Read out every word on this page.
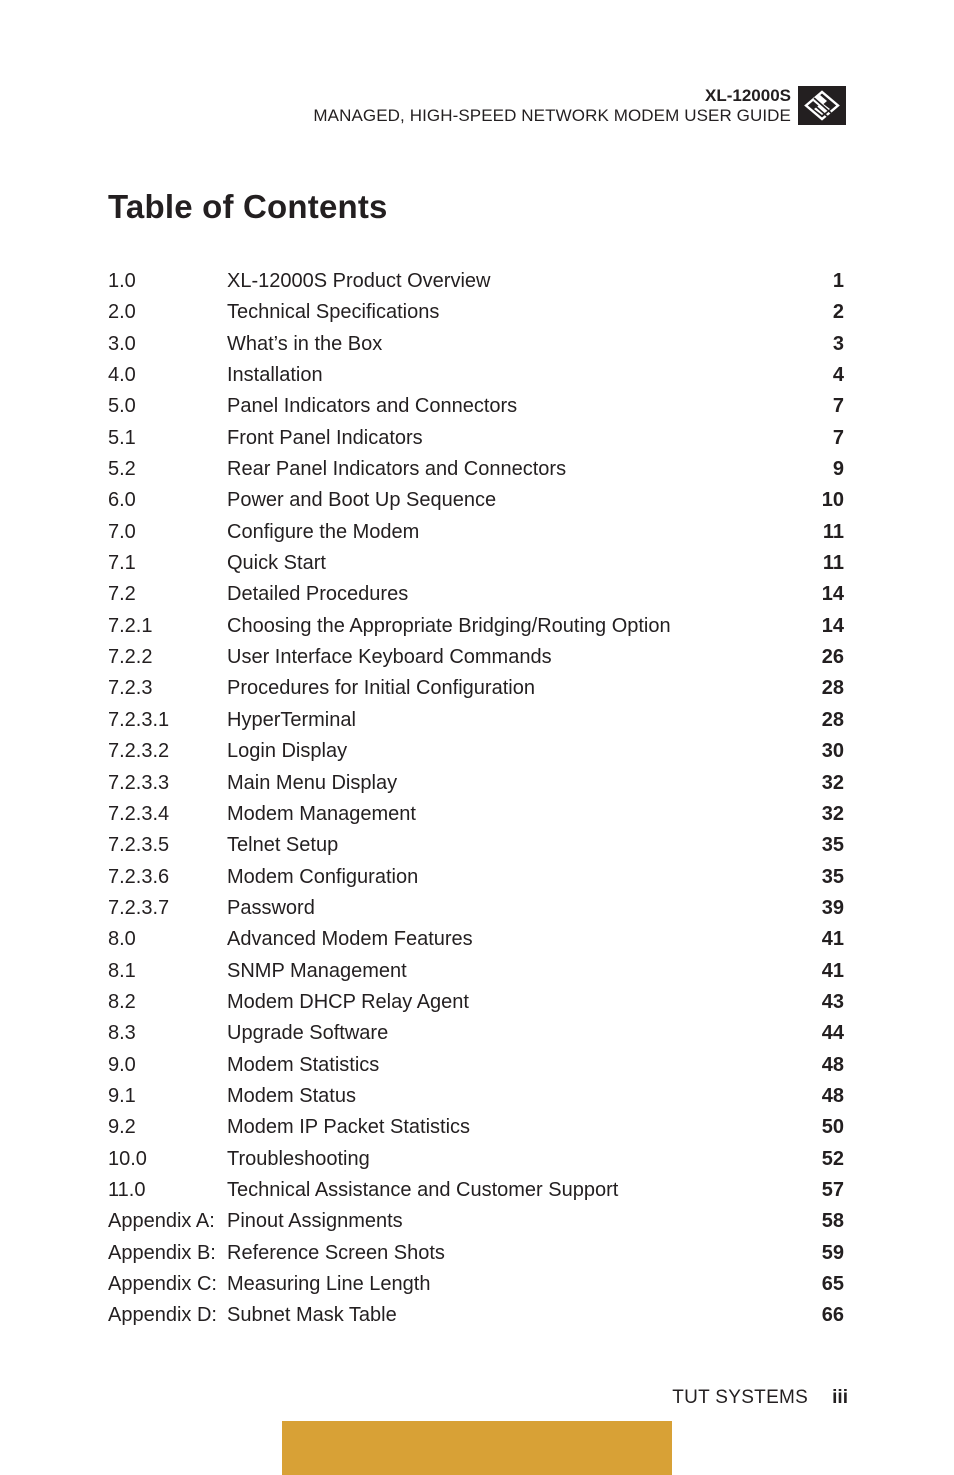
XL-12000S
MANAGED, HIGH-SPEED NETWORK MODEM USER GUIDE
Table of Contents
1.0	XL-12000S Product Overview	1
2.0	Technical Specifications	2
3.0	What’s in the Box	3
4.0	Installation	4
5.0	Panel Indicators and Connectors	7
5.1	Front Panel Indicators	7
5.2	Rear Panel Indicators and Connectors	9
6.0	Power and Boot Up Sequence	10
7.0	Configure the Modem	11
7.1	Quick Start	11
7.2	Detailed Procedures	14
7.2.1	Choosing the Appropriate Bridging/Routing Option	14
7.2.2	User Interface Keyboard Commands	26
7.2.3	Procedures for Initial Configuration	28
7.2.3.1	HyperTerminal	28
7.2.3.2	Login Display	30
7.2.3.3	Main Menu Display	32
7.2.3.4	Modem Management	32
7.2.3.5	Telnet Setup	35
7.2.3.6	Modem Configuration	35
7.2.3.7	Password	39
8.0	Advanced Modem Features	41
8.1	SNMP Management	41
8.2	Modem DHCP Relay Agent	43
8.3	Upgrade Software	44
9.0	Modem Statistics	48
9.1	Modem Status	48
9.2	Modem IP Packet Statistics	50
10.0	Troubleshooting	52
11.0	Technical Assistance and Customer Support	57
Appendix A: Pinout Assignments	58
Appendix B: Reference Screen Shots	59
Appendix C: Measuring Line Length	65
Appendix D: Subnet Mask Table	66
TUT SYSTEMS iii
